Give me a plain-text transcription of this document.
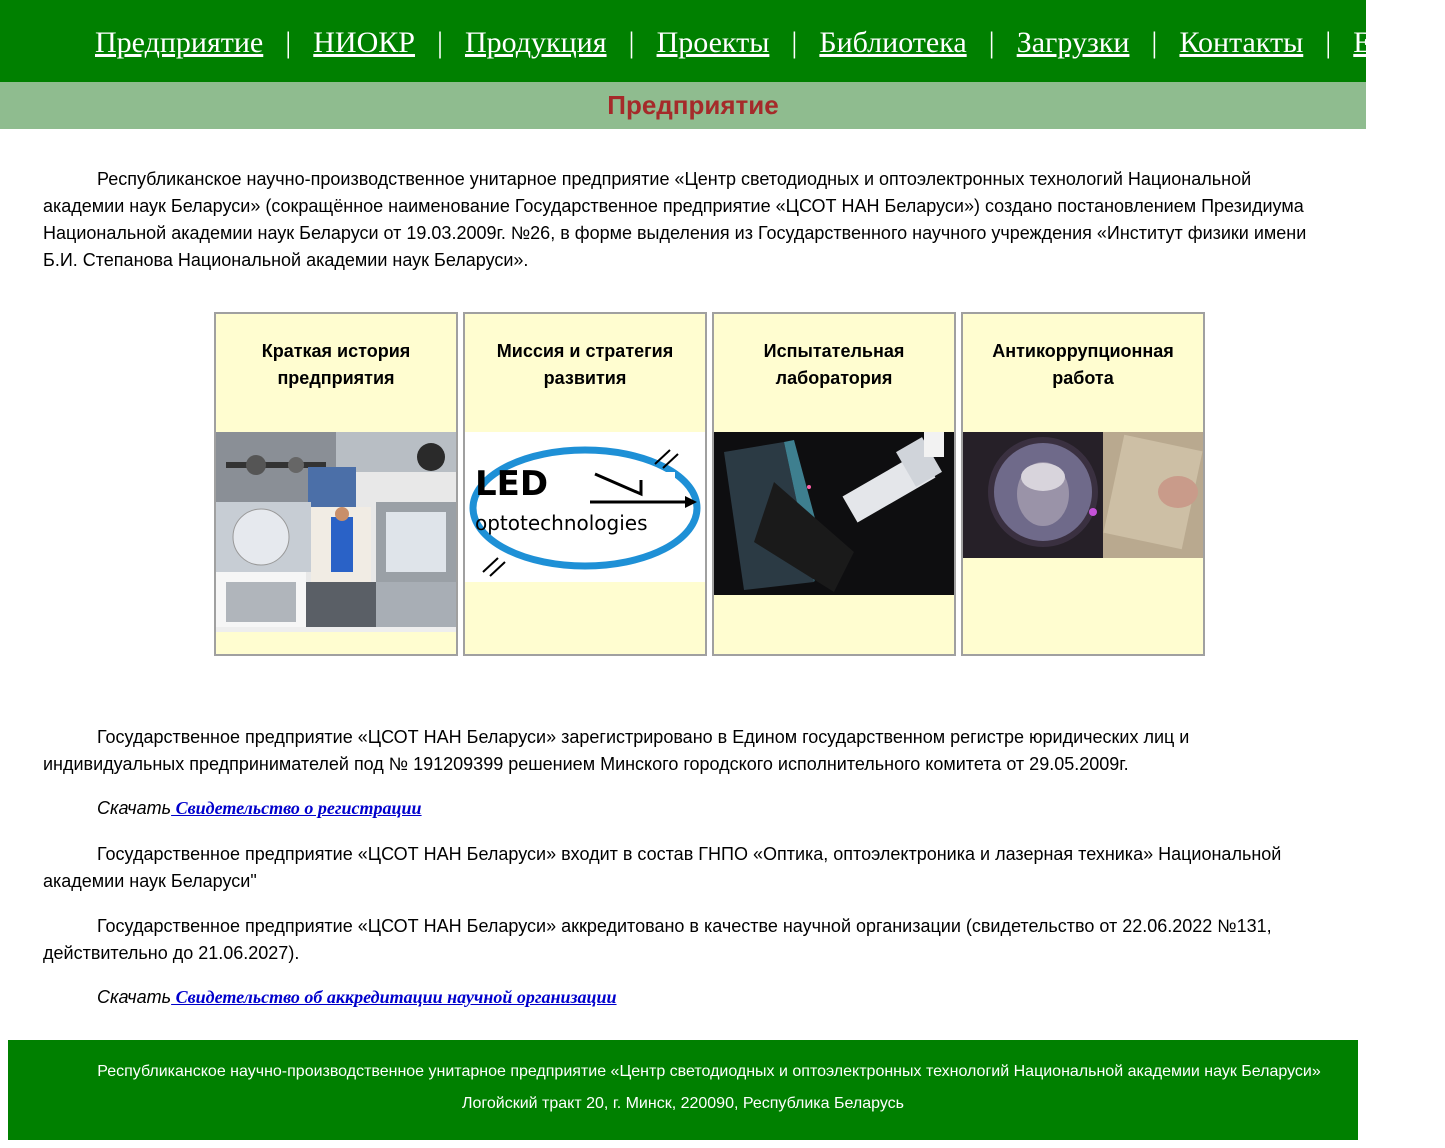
Предприятие | НИОКР | Продукция | Проекты | Библиотека | Загрузки | Контакты | English
Предприятие

Республиканское научно-производственное унитарное предприятие «Центр светодиодных и оптоэлектронных технологий Национальной академии наук Беларуси» (сокращённое наименование Государственное предприятие «ЦСОТ НАН Беларуси») создано постановлением Президиума Национальной академии наук Беларуси от 19.03.2009г. №26, в форме выделения из Государственного научного учреждения «Институт физики имени Б.И. Степанова Национальной академии наук Беларуси».

Краткая история предприятия
Миссия и стратегия развития
LED
optotechnologies
Испытательная лаборатория
Антикоррупционная работа

Государственное предприятие «ЦСОТ НАН Беларуси» зарегистрировано в Едином государственном регистре юридических лиц и индивидуальных предпринимателей под № 191209399 решением Минского городского исполнительного комитета от 29.05.2009г.

Скачать Свидетельство о регистрации

Государственное предприятие «ЦСОТ НАН Беларуси» входит в состав ГНПО «Оптика, оптоэлектроника и лазерная техника» Национальной академии наук Беларуси"

Государственное предприятие «ЦСОТ НАН Беларуси» аккредитовано в качестве научной организации (свидетельство от 22.06.2022 №131, действительно до 21.06.2027).

Скачать Свидетельство об аккредитации научной организации

Республиканское научно-производственное унитарное предприятие «Центр светодиодных и оптоэлектронных технологий Национальной академии наук Беларуси»
Логойский тракт 20, г. Минск, 220090, Республика Беларусь
